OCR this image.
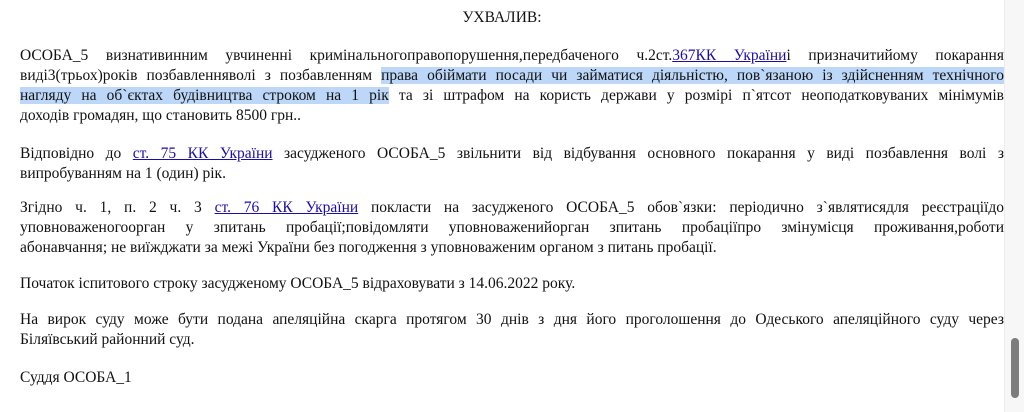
УХВАЛИВ:
ОСОБА_5 визнативинним увчиненні кримінальногоправопорушення,передбаченого ч.2ст.367КК Україниі призначитийому покарання
виді3(трьох)років позбавленняволі з позбавленням права обіймати посади чи займатися діяльністю, пов`язаною із здійсненням технічного
нагляду на об`єктах будівництва строком на 1 рік та зі штрафом на користь держави у розмірі п`ятсот неоподатковуваних мінімумів
доходів громадян, що становить 8500 грн..
Відповідно до ст. 75 КК України засудженого ОСОБА_5 звільнити від відбування основного покарання у виді позбавлення волі з
випробуванням на 1 (один) рік.
Згідно ч. 1, п. 2 ч. 3 ст. 76 КК України покласти на засудженого ОСОБА_5 обов`язки: періодично з`являтисядля реєстраціїдо
уповноваженогоорган у зпитань пробації;повідомляти уповноваженийорган зпитань пробаціїпро змінумісця проживання,роботи
абонавчання; не виїжджати за межі України без погодження з уповноваженим органом з питань пробації.
Початок іспитового строку засудженому ОСОБА_5 відраховувати з 14.06.2022 року.
На вирок суду може бути подана апеляційна скарга протягом 30 днів з дня його проголошення до Одеського апеляційного суду через
Біляївський районний суд.
Суддя ОСОБА_1
